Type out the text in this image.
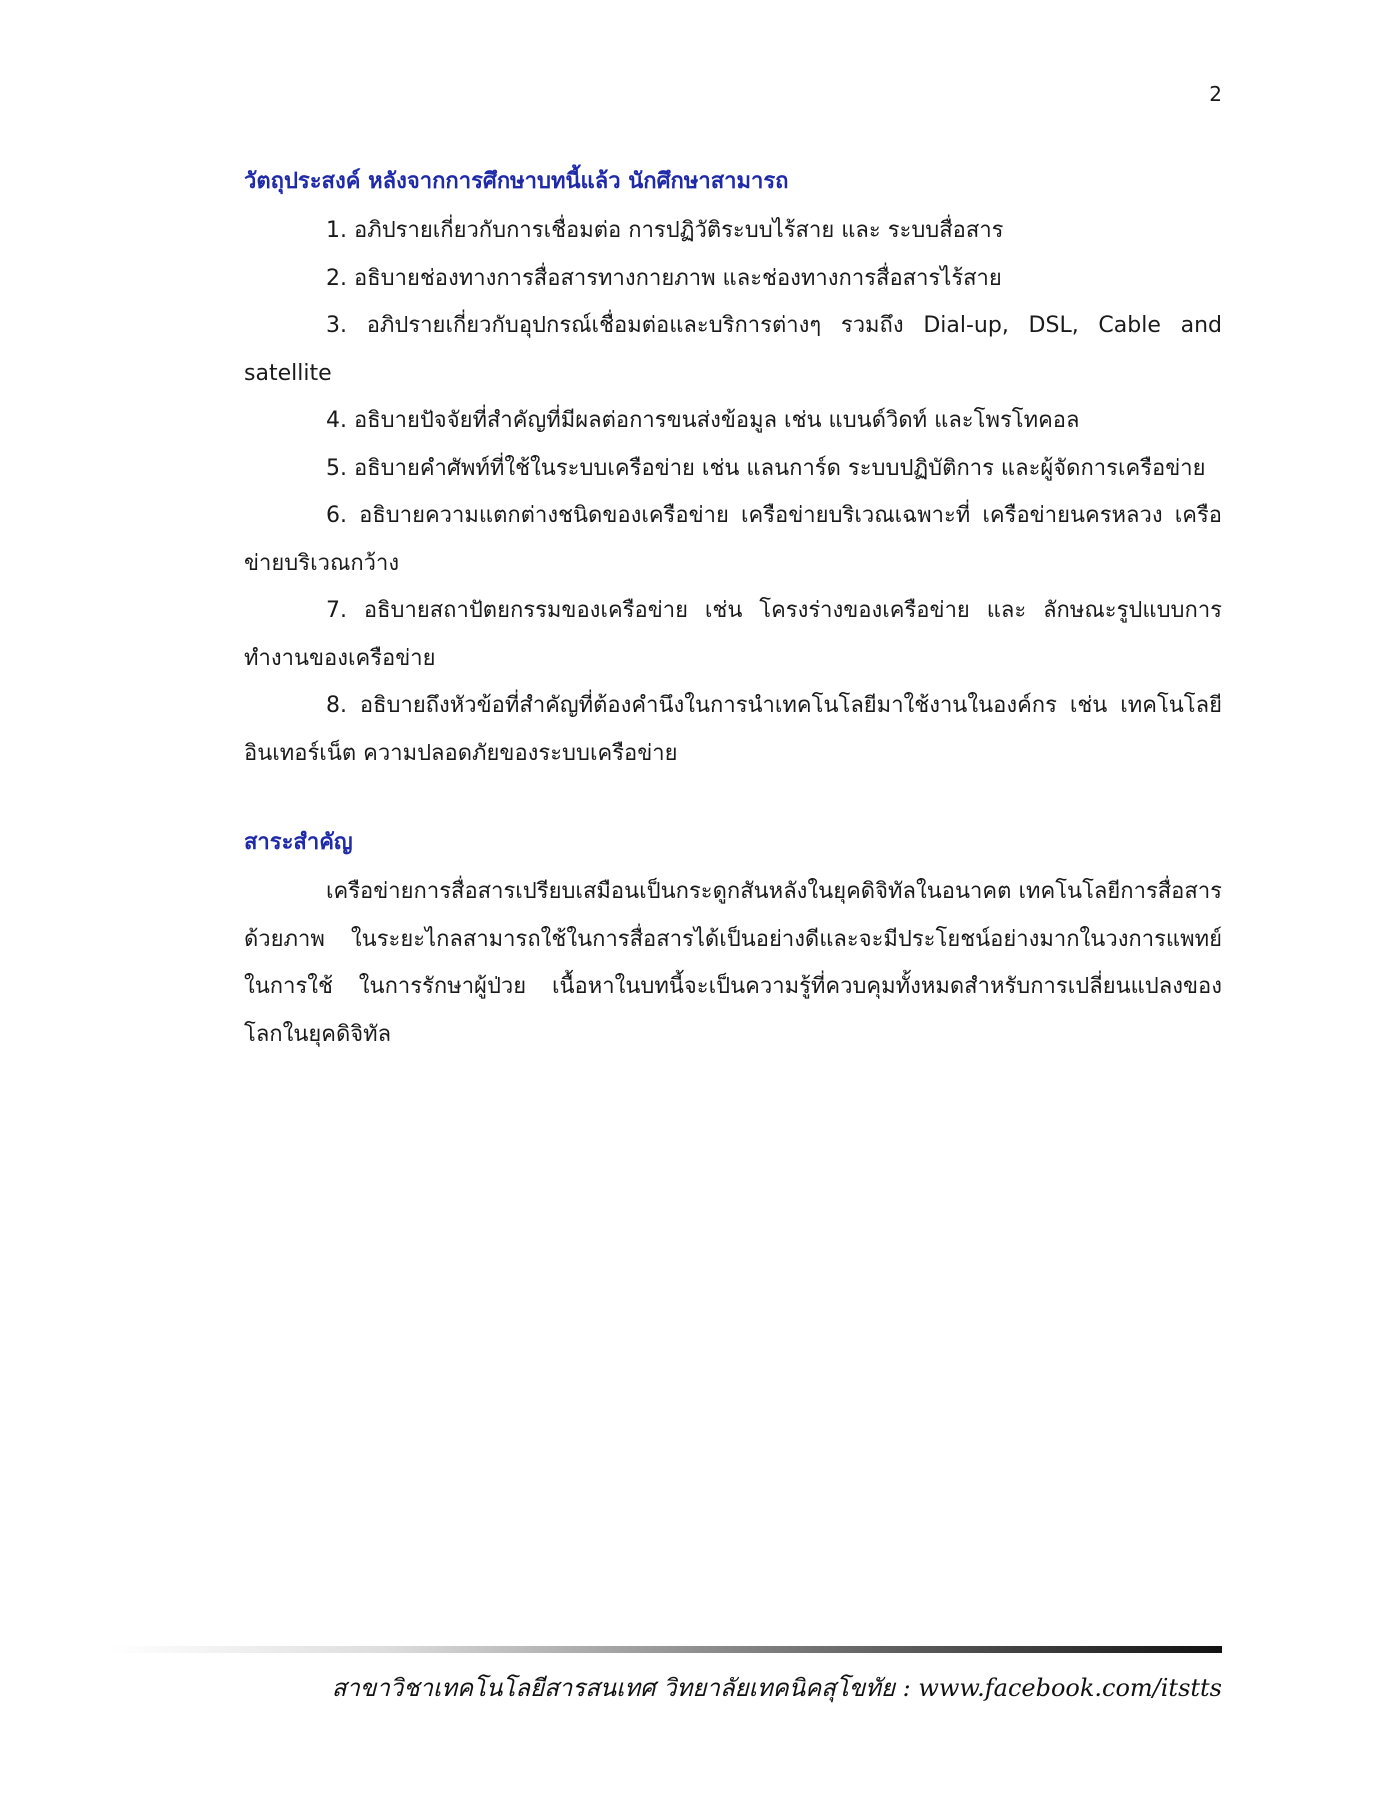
2
วัตถุประสงค์ หลังจากการศึกษาบทนี้แล้ว นักศึกษาสามารถ
1. อภิปรายเกี่ยวกับการเชื่อมต่อ การปฏิวัติระบบไร้สาย และ ระบบสื่อสาร
2. อธิบายช่องทางการสื่อสารทางกายภาพ และช่องทางการสื่อสารไร้สาย
3. อภิปรายเกี่ยวกับอุปกรณ์เชื่อมต่อและบริการต่างๆ รวมถึง Dial-up, DSL, Cable and satellite
4. อธิบายปัจจัยที่สำคัญที่มีผลต่อการขนส่งข้อมูล เช่น แบนด์วิดท์ และโพรโทคอล
5. อธิบายคำศัพท์ที่ใช้ในระบบเครือข่าย เช่น แลนการ์ด ระบบปฏิบัติการ และผู้จัดการเครือข่าย
6. อธิบายความแตกต่างชนิดของเครือข่าย เครือข่ายบริเวณเฉพาะที่ เครือข่ายนครหลวง เครือข่ายบริเวณกว้าง
7. อธิบายสถาปัตยกรรมของเครือข่าย เช่น โครงร่างของเครือข่าย และ ลักษณะรูปแบบการทำงานของเครือข่าย
8. อธิบายถึงหัวข้อที่สำคัญที่ต้องคำนึงในการนำเทคโนโลยีมาใช้งานในองค์กร เช่น เทคโนโลยีอินเทอร์เน็ต ความปลอดภัยของระบบเครือข่าย
สาระสำคัญ

เครือข่ายการสื่อสารเปรียบเสมือนเป็นกระดูกสันหลังในยุคดิจิทัลในอนาคต เทคโนโลยีการสื่อสารด้วยภาพ ในระยะไกลสามารถใช้ในการสื่อสารได้เป็นอย่างดีและจะมีประโยชน์อย่างมากในวงการแพทย์ในการใช้ ในการรักษาผู้ป่วย เนื้อหาในบทนี้จะเป็นความรู้ที่ควบคุมทั้งหมดสำหรับการเปลี่ยนแปลงของโลกในยุคดิจิทัล

สาขาวิชาเทคโนโลยีสารสนเทศ วิทยาลัยเทคนิคสุโขทัย : www.facebook.com/itstts
